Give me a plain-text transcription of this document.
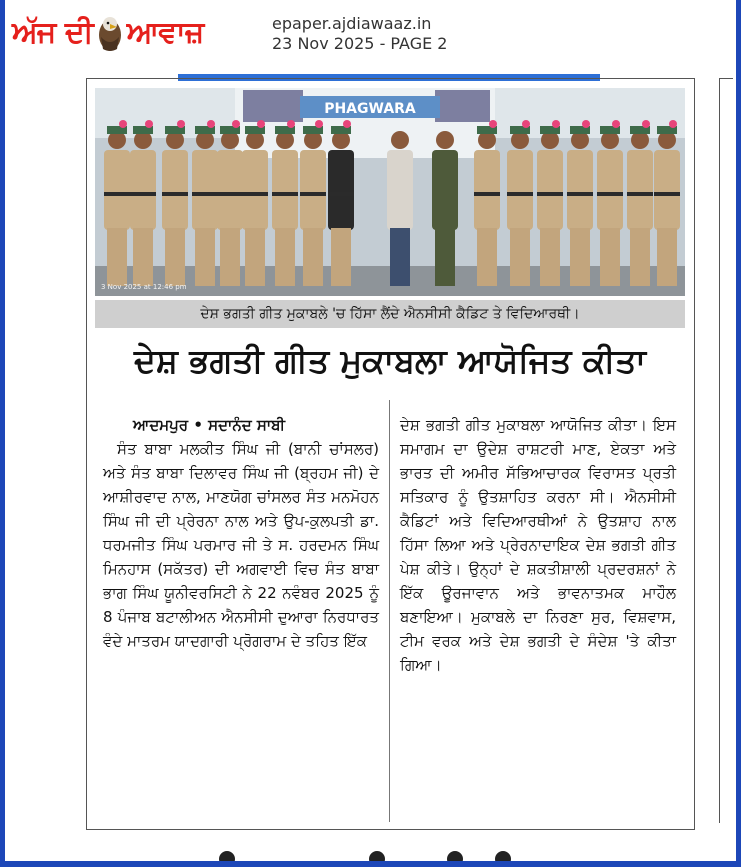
ਅੱਜ ਦੀ ਆਵਾਜ਼	epaper.ajdiawaaz.in
23 Nov 2025 - PAGE 2
PHAGWARA
3 Nov 2025 at 12:46 pm
ਦੇਸ਼ ਭਗਤੀ ਗੀਤ ਮੁਕਾਬਲੇ 'ਚ ਹਿੱਸਾ ਲੈਂਦੇ ਐਨਸੀਸੀ ਕੈਡਿਟ ਤੇ ਵਿਦਿਆਰਥੀ।
ਦੇਸ਼ ਭਗਤੀ ਗੀਤ ਮੁਕਾਬਲਾ ਆਯੋਜਿਤ ਕੀਤਾ
ਆਦਮਪੁਰ • ਸਦਾਨੰਦ ਸਾਬੀ

ਸੰਤ ਬਾਬਾ ਮਲਕੀਤ ਸਿੰਘ ਜੀ (ਬਾਨੀ ਚਾਂਸਲਰ) ਅਤੇ ਸੰਤ ਬਾਬਾ ਦਿਲਾਵਰ ਸਿੰਘ ਜੀ (ਬ੍ਰਹਮ ਜੀ) ਦੇ ਆਸ਼ੀਰਵਾਦ ਨਾਲ, ਮਾਣਯੋਗ ਚਾਂਸਲਰ ਸੰਤ ਮਨਮੋਹਨ ਸਿੰਘ ਜੀ ਦੀ ਪ੍ਰੇਰਨਾ ਨਾਲ ਅਤੇ ਉਪ-ਕੁਲਪਤੀ ਡਾ. ਧਰਮਜੀਤ ਸਿੰਘ ਪਰਮਾਰ ਜੀ ਤੇ ਸ. ਹਰਦਮਨ ਸਿੰਘ ਮਿਨਹਾਸ (ਸਕੱਤਰ) ਦੀ ਅਗਵਾਈ ਵਿਚ ਸੰਤ ਬਾਬਾ ਭਾਗ ਸਿੰਘ ਯੂਨੀਵਰਸਿਟੀ ਨੇ 22 ਨਵੰਬਰ 2025 ਨੂੰ 8 ਪੰਜਾਬ ਬਟਾਲੀਅਨ ਐਨਸੀਸੀ ਦੁਆਰਾ ਨਿਰਧਾਰਤ ਵੰਦੇ ਮਾਤਰਮ ਯਾਦਗਾਰੀ ਪ੍ਰੋਗਰਾਮ ਦੇ ਤਹਿਤ ਇੱਕ

ਦੇਸ਼ ਭਗਤੀ ਗੀਤ ਮੁਕਾਬਲਾ ਆਯੋਜਿਤ ਕੀਤਾ। ਇਸ ਸਮਾਗਮ ਦਾ ਉਦੇਸ਼ ਰਾਸ਼ਟਰੀ ਮਾਣ, ਏਕਤਾ ਅਤੇ ਭਾਰਤ ਦੀ ਅਮੀਰ ਸੱਭਿਆਚਾਰਕ ਵਿਰਾਸਤ ਪ੍ਰਤੀ ਸਤਿਕਾਰ ਨੂੰ ਉਤਸ਼ਾਹਿਤ ਕਰਨਾ ਸੀ। ਐਨਸੀਸੀ ਕੈਡਿਟਾਂ ਅਤੇ ਵਿਦਿਆਰਥੀਆਂ ਨੇ ਉਤਸ਼ਾਹ ਨਾਲ ਹਿੱਸਾ ਲਿਆ ਅਤੇ ਪ੍ਰੇਰਨਾਦਾਇਕ ਦੇਸ਼ ਭਗਤੀ ਗੀਤ ਪੇਸ਼ ਕੀਤੇ। ਉਨ੍ਹਾਂ ਦੇ ਸ਼ਕਤੀਸ਼ਾਲੀ ਪ੍ਰਦਰਸ਼ਨਾਂ ਨੇ ਇੱਕ ਊਰਜਾਵਾਨ ਅਤੇ ਭਾਵਨਾਤਮਕ ਮਾਹੌਲ ਬਣਾਇਆ। ਮੁਕਾਬਲੇ ਦਾ ਨਿਰਣਾ ਸੁਰ, ਵਿਸ਼ਵਾਸ, ਟੀਮ ਵਰਕ ਅਤੇ ਦੇਸ਼ ਭਗਤੀ ਦੇ ਸੰਦੇਸ਼ 'ਤੇ ਕੀਤਾ ਗਿਆ।
